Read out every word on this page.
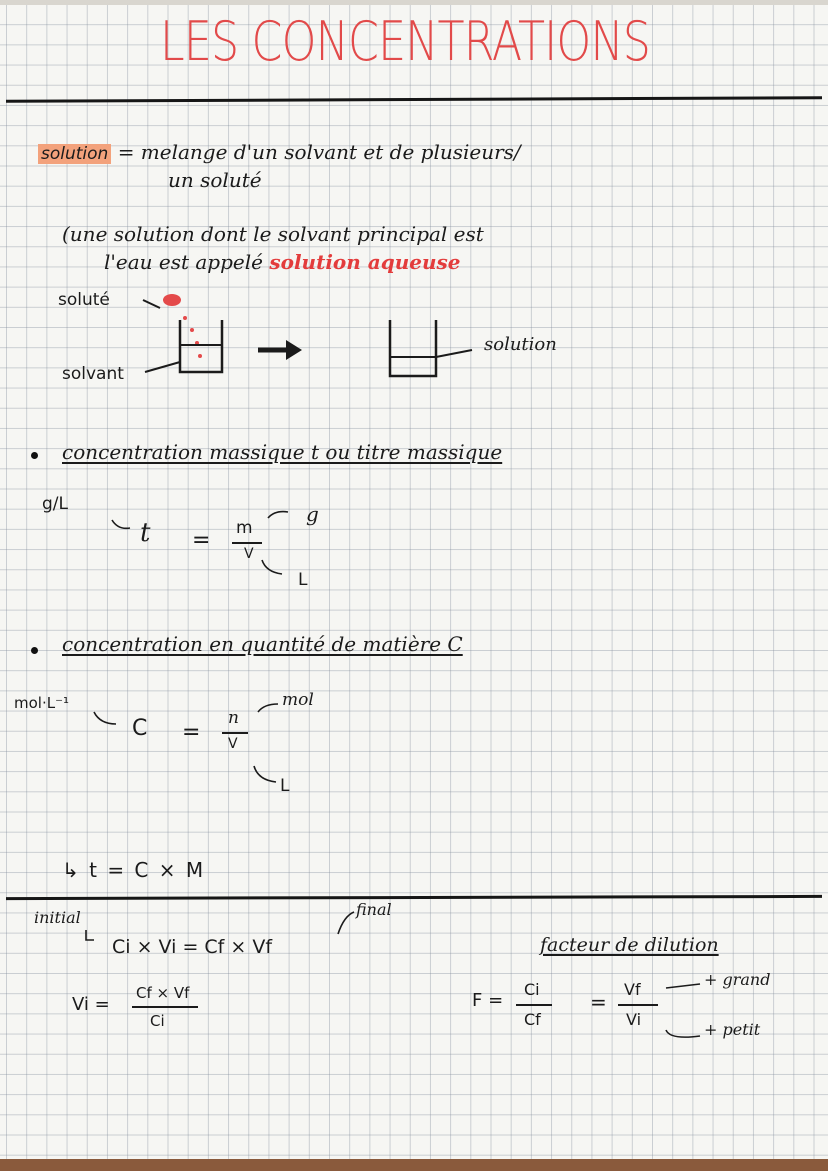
LES CONCENTRATIONS
solution = melange d'un solvant et de plusieurs/
un soluté
(une solution dont le solvant principal est
l'eau est appelé solution aqueuse
soluté
solvant
solution
concentration massique t ou titre massique
g/L
t = m
V
g
L
concentration en quantité de matière C
mol·L⁻¹
C =
n
V
mol
L
↳ t = C × M
initial	final
Ci × Vi = Cf × Vf
Vi =
Cf × Vf
Ci
facteur de dilution
F =
Ci
Cf
=
Vf
Vi
+ grand
+ petit
